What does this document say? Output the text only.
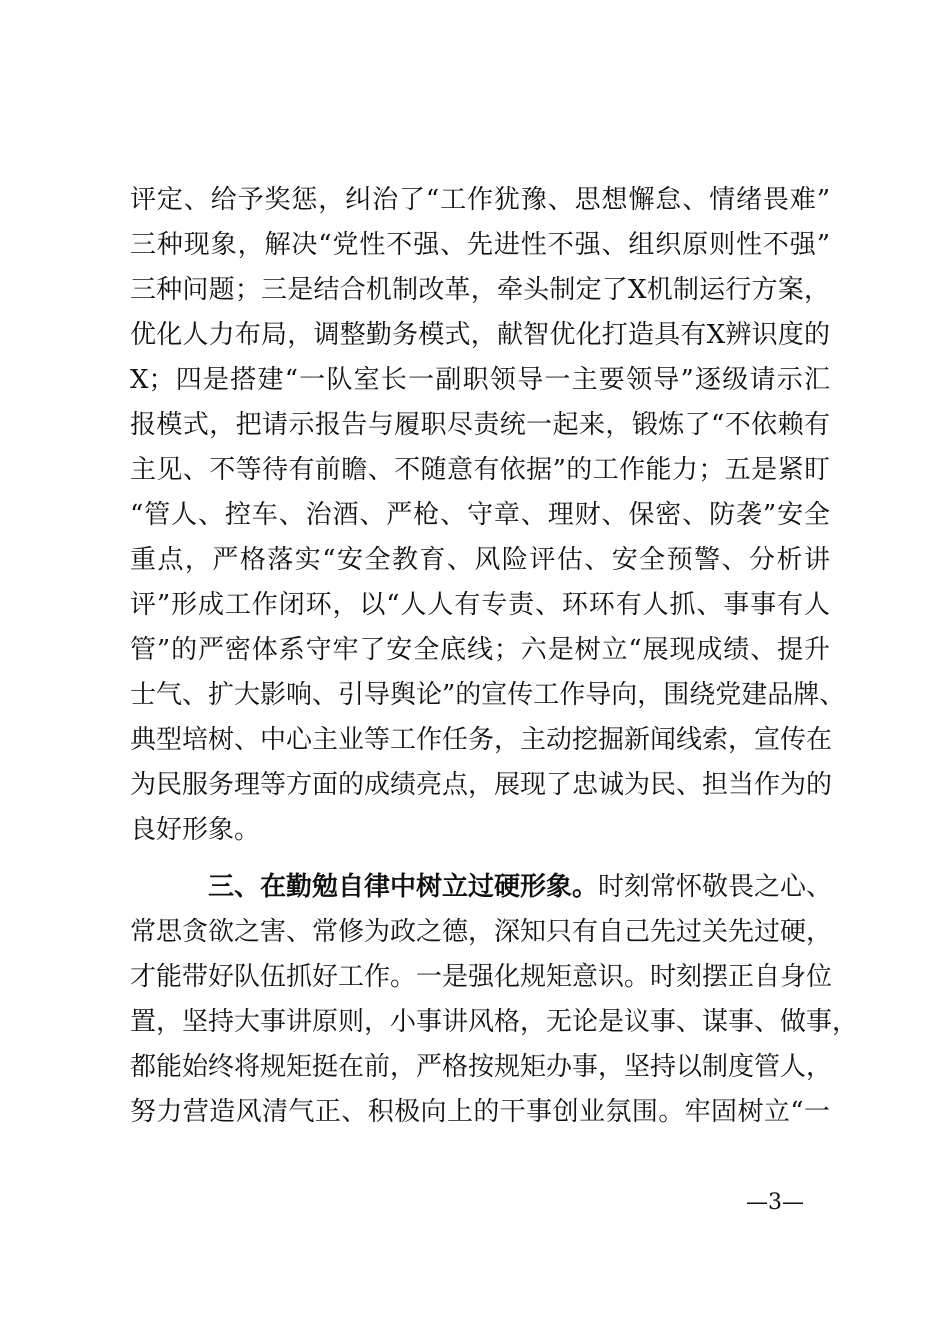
评定、给予奖惩，纠治了“工作犹豫、思想懈怠、情绪畏难”
三种现象，解决“党性不强、先进性不强、组织原则性不强”
三种问题；三是结合机制改革，牵头制定了X机制运行方案，
优化人力布局，调整勤务模式，献智优化打造具有X辨识度的
X；四是搭建“一队室长一副职领导一主要领导”逐级请示汇
报模式，把请示报告与履职尽责统一起来，锻炼了“不依赖有
主见、不等待有前瞻、不随意有依据”的工作能力；五是紧盯
“管人、控车、治酒、严枪、守章、理财、保密、防袭”安全
重点，严格落实“安全教育、风险评估、安全预警、分析讲
评”形成工作闭环，以“人人有专责、环环有人抓、事事有人
管”的严密体系守牢了安全底线；六是树立“展现成绩、提升
士气、扩大影响、引导舆论”的宣传工作导向，围绕党建品牌、
典型培树、中心主业等工作任务，主动挖掘新闻线索，宣传在
为民服务理等方面的成绩亮点，展现了忠诚为民、担当作为的
良好形象。
三、在勤勉自律中树立过硬形象。时刻常怀敬畏之心、
常思贪欲之害、常修为政之德，深知只有自己先过关先过硬，
才能带好队伍抓好工作。一是强化规矩意识。时刻摆正自身位
置，坚持大事讲原则，小事讲风格，无论是议事、谋事、做事，
都能始终将规矩挺在前，严格按规矩办事，坚持以制度管人，
努力营造风清气正、积极向上的干事创业氛围。牢固树立“一
—3—
